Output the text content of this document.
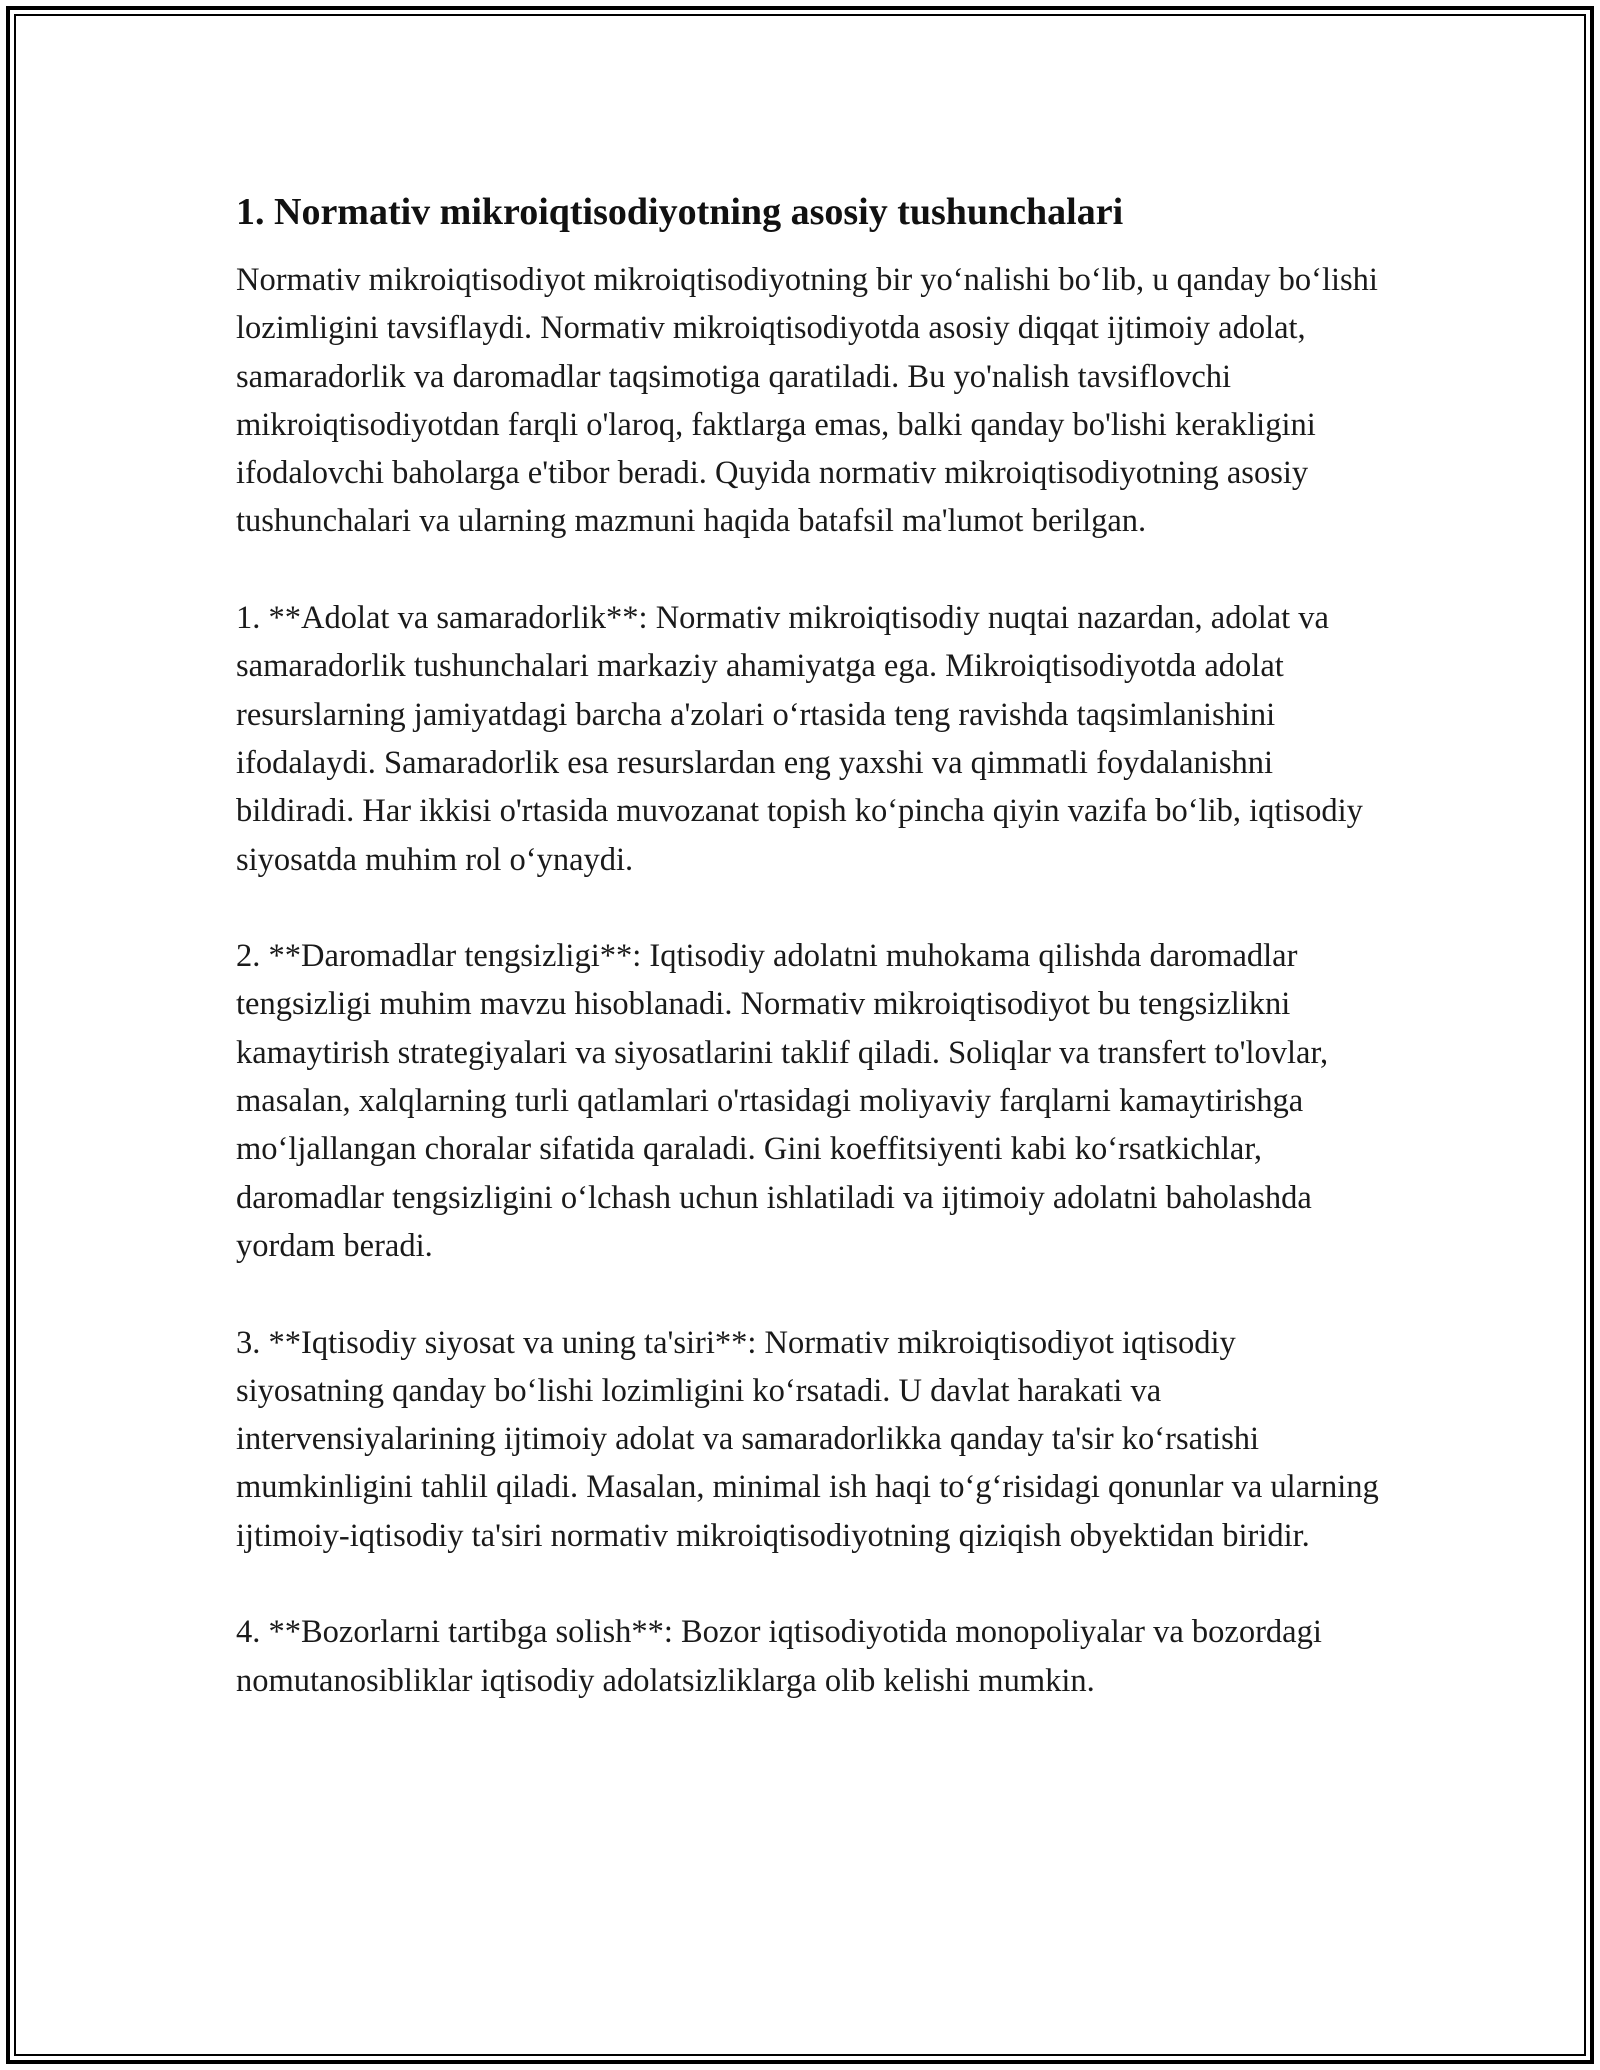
1. Normativ mikroiqtisodiyotning asosiy tushunchalari

Normativ mikroiqtisodiyot mikroiqtisodiyotning bir yo‘nalishi bo‘lib, u qanday bo‘lishi lozimligini tavsiflaydi. Normativ mikroiqtisodiyotda asosiy diqqat ijtimoiy adolat, samaradorlik va daromadlar taqsimotiga qaratiladi. Bu yo'nalish tavsiflovchi mikroiqtisodiyotdan farqli o'laroq, faktlarga emas, balki qanday bo'lishi kerakligini ifodalovchi baholarga e'tibor beradi. Quyida normativ mikroiqtisodiyotning asosiy tushunchalari va ularning mazmuni haqida batafsil ma'lumot berilgan.

1. **Adolat va samaradorlik**: Normativ mikroiqtisodiy nuqtai nazardan, adolat va samaradorlik tushunchalari markaziy ahamiyatga ega. Mikroiqtisodiyotda adolat resurslarning jamiyatdagi barcha a'zolari o‘rtasida teng ravishda taqsimlanishini ifodalaydi. Samaradorlik esa resurslardan eng yaxshi va qimmatli foydalanishni bildiradi. Har ikkisi o'rtasida muvozanat topish ko‘pincha qiyin vazifa bo‘lib, iqtisodiy siyosatda muhim rol o‘ynaydi.

2. **Daromadlar tengsizligi**: Iqtisodiy adolatni muhokama qilishda daromadlar tengsizligi muhim mavzu hisoblanadi. Normativ mikroiqtisodiyot bu tengsizlikni kamaytirish strategiyalari va siyosatlarini taklif qiladi. Soliqlar va transfert to'lovlar, masalan, xalqlarning turli qatlamlari o'rtasidagi moliyaviy farqlarni kamaytirishga mo‘ljallangan choralar sifatida qaraladi. Gini koeffitsiyenti kabi ko‘rsatkichlar, daromadlar tengsizligini o‘lchash uchun ishlatiladi va ijtimoiy adolatni baholashda yordam beradi.

3. **Iqtisodiy siyosat va uning ta'siri**: Normativ mikroiqtisodiyot iqtisodiy siyosatning qanday bo‘lishi lozimligini ko‘rsatadi. U davlat harakati va intervensiyalarining ijtimoiy adolat va samaradorlikka qanday ta'sir ko‘rsatishi mumkinligini tahlil qiladi. Masalan, minimal ish haqi to‘g‘risidagi qonunlar va ularning ijtimoiy-iqtisodiy ta'siri normativ mikroiqtisodiyotning qiziqish obyektidan biridir.

4. **Bozorlarni tartibga solish**: Bozor iqtisodiyotida monopoliyalar va bozordagi nomutanosibliklar iqtisodiy adolatsizliklarga olib kelishi mumkin.
